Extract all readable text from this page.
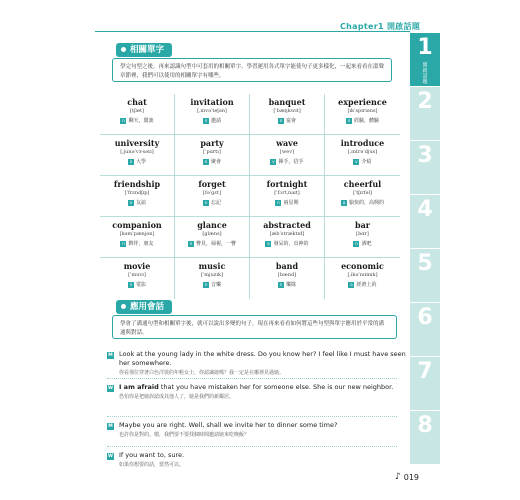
Chapter1 開啟話題
1
開啟話題
2
3
4
5
6
7
8
相關單字
學完句型之後，再來認識句型中可套用的相關單字。學習運用各式單字能使句子更多樣化，一起來看看在溫聲章節裡，我們可以使用的相關單字有哪些。
chat
[tʃæt]
n 聊天，閒談
invitation
[ˌɪnvəˈteʃən]
n 邀請
banquet
[ˈbæŋkwɪt]
n 宴會
experience
[ɪkˈspɪrɪəns]
n 經驗，體驗
university
[ˌjunəˈvɝsətɪ]
n 大學
party
[ˈpɑrtɪ]
n 聚會
wave
[wev]
v 揮手，招手
introduce
[ˌɪntrəˈdjus]
v 介紹
friendship
[ˈfrɛndʃɪp]
n 友誼
forget
[fəˈgɛt]
v 忘記
fortnight
[ˈfɔrtˌnaɪt]
n 兩星期
cheerful
[ˈtʃɪrfəl]
a 愉快的，高興的
companion
[kəmˈpænjən]
n 夥伴，朋友
glance
[glæns]
n 瞥見，掃視，一瞥
abstracted
[æbˈstræktɪd]
a 發呆的，出神的
bar
[bɑr]
n 酒吧
movie
[ˈmuvɪ]
n 電影
music
[ˈmjuzɪk]
n 音樂
band
[bænd]
n 樂隊
economic
[ˌikəˈnɑmɪk]
a 經濟上的
應用會話
學會了溝通句型和相關單字後，就可以說出多變的句子。現在再來看看如何將這些句型與單字應用於平常的溝通與對話。
M Look at the young lady in the white dress. Do you know her? I feel like I must have seen her somewhere.
你看那位穿著白色洋裝的年輕女士，你認識她嗎？我一定是在哪裡見過她。
W I am afraid that you have mistaken her for someone else. She is our new neighbor.
恐怕你是把她誤認成其他人了，她是我們的新鄰居。
M Maybe you are right. Well, shall we invite her to dinner some time?
也許你是對的。嗯，我們要不要找個時間邀請她來吃晚飯？
W If you want to, sure.
如果你想要的話，當然可以。
♪ 019
